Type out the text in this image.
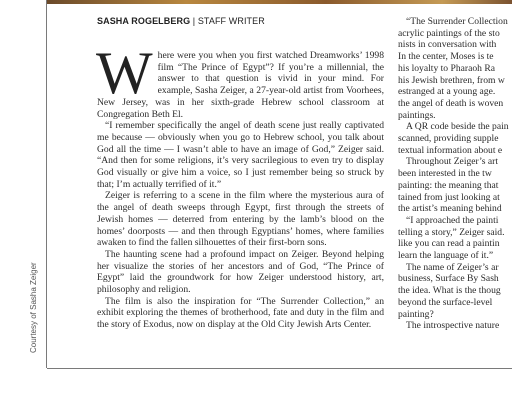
Courtesy of Sasha Zeiger
SASHA ROGELBERG | STAFF WRITER

Where were you when you first watched Dreamworks’ 1998 film “The Prince of Egypt”? If you’re a millennial, the answer to that question is vivid in your mind. For example, Sasha Zeiger, a 27-year-old artist from Voorhees, New Jersey, was in her sixth-grade Hebrew school classroom at Congregation Beth El.

“I remember specifically the angel of death scene just really captivated me because — obviously when you go to Hebrew school, you talk about God all the time — I wasn’t able to have an image of God,” Zeiger said. “And then for some religions, it’s very sacrilegious to even try to display God visually or give him a voice, so I just remember being so struck by that; I’m actually terrified of it.”

Zeiger is referring to a scene in the film where the mysterious aura of the angel of death sweeps through Egypt, first through the streets of Jewish homes — deterred from entering by the lamb’s blood on the homes’ doorposts — and then through Egyptians’ homes, where families awaken to find the fallen silhouettes of their first-born sons.

The haunting scene had a profound impact on Zeiger. Beyond helping her visualize the stories of her ancestors and of God, “The Prince of Egypt” laid the groundwork for how Zeiger understood history, art, philosophy and religion.

The film is also the inspiration for “The Surrender Collection,” an exhibit exploring the themes of brotherhood, fate and duty in the film and the story of Exodus, now on display at the Old City Jewish Arts Center.

“The Surrender Collection

acrylic paintings of the sto

nists in conversation with

In the center, Moses is te

his loyalty to Pharaoh Ra

his Jewish brethren, from w

estranged at a young age.

the angel of death is woven

paintings.

A QR code beside the pain

scanned, providing supple

textual information about e

Throughout Zeiger’s art

been interested in the tw

painting: the meaning that

tained from just looking at

the artist’s meaning behind

“I approached the painti

telling a story,” Zeiger said.

like you can read a paintin

learn the language of it.”

The name of Zeiger’s ar

business, Surface By Sash

the idea. What is the thoug

beyond the surface-level

painting?

The introspective nature
